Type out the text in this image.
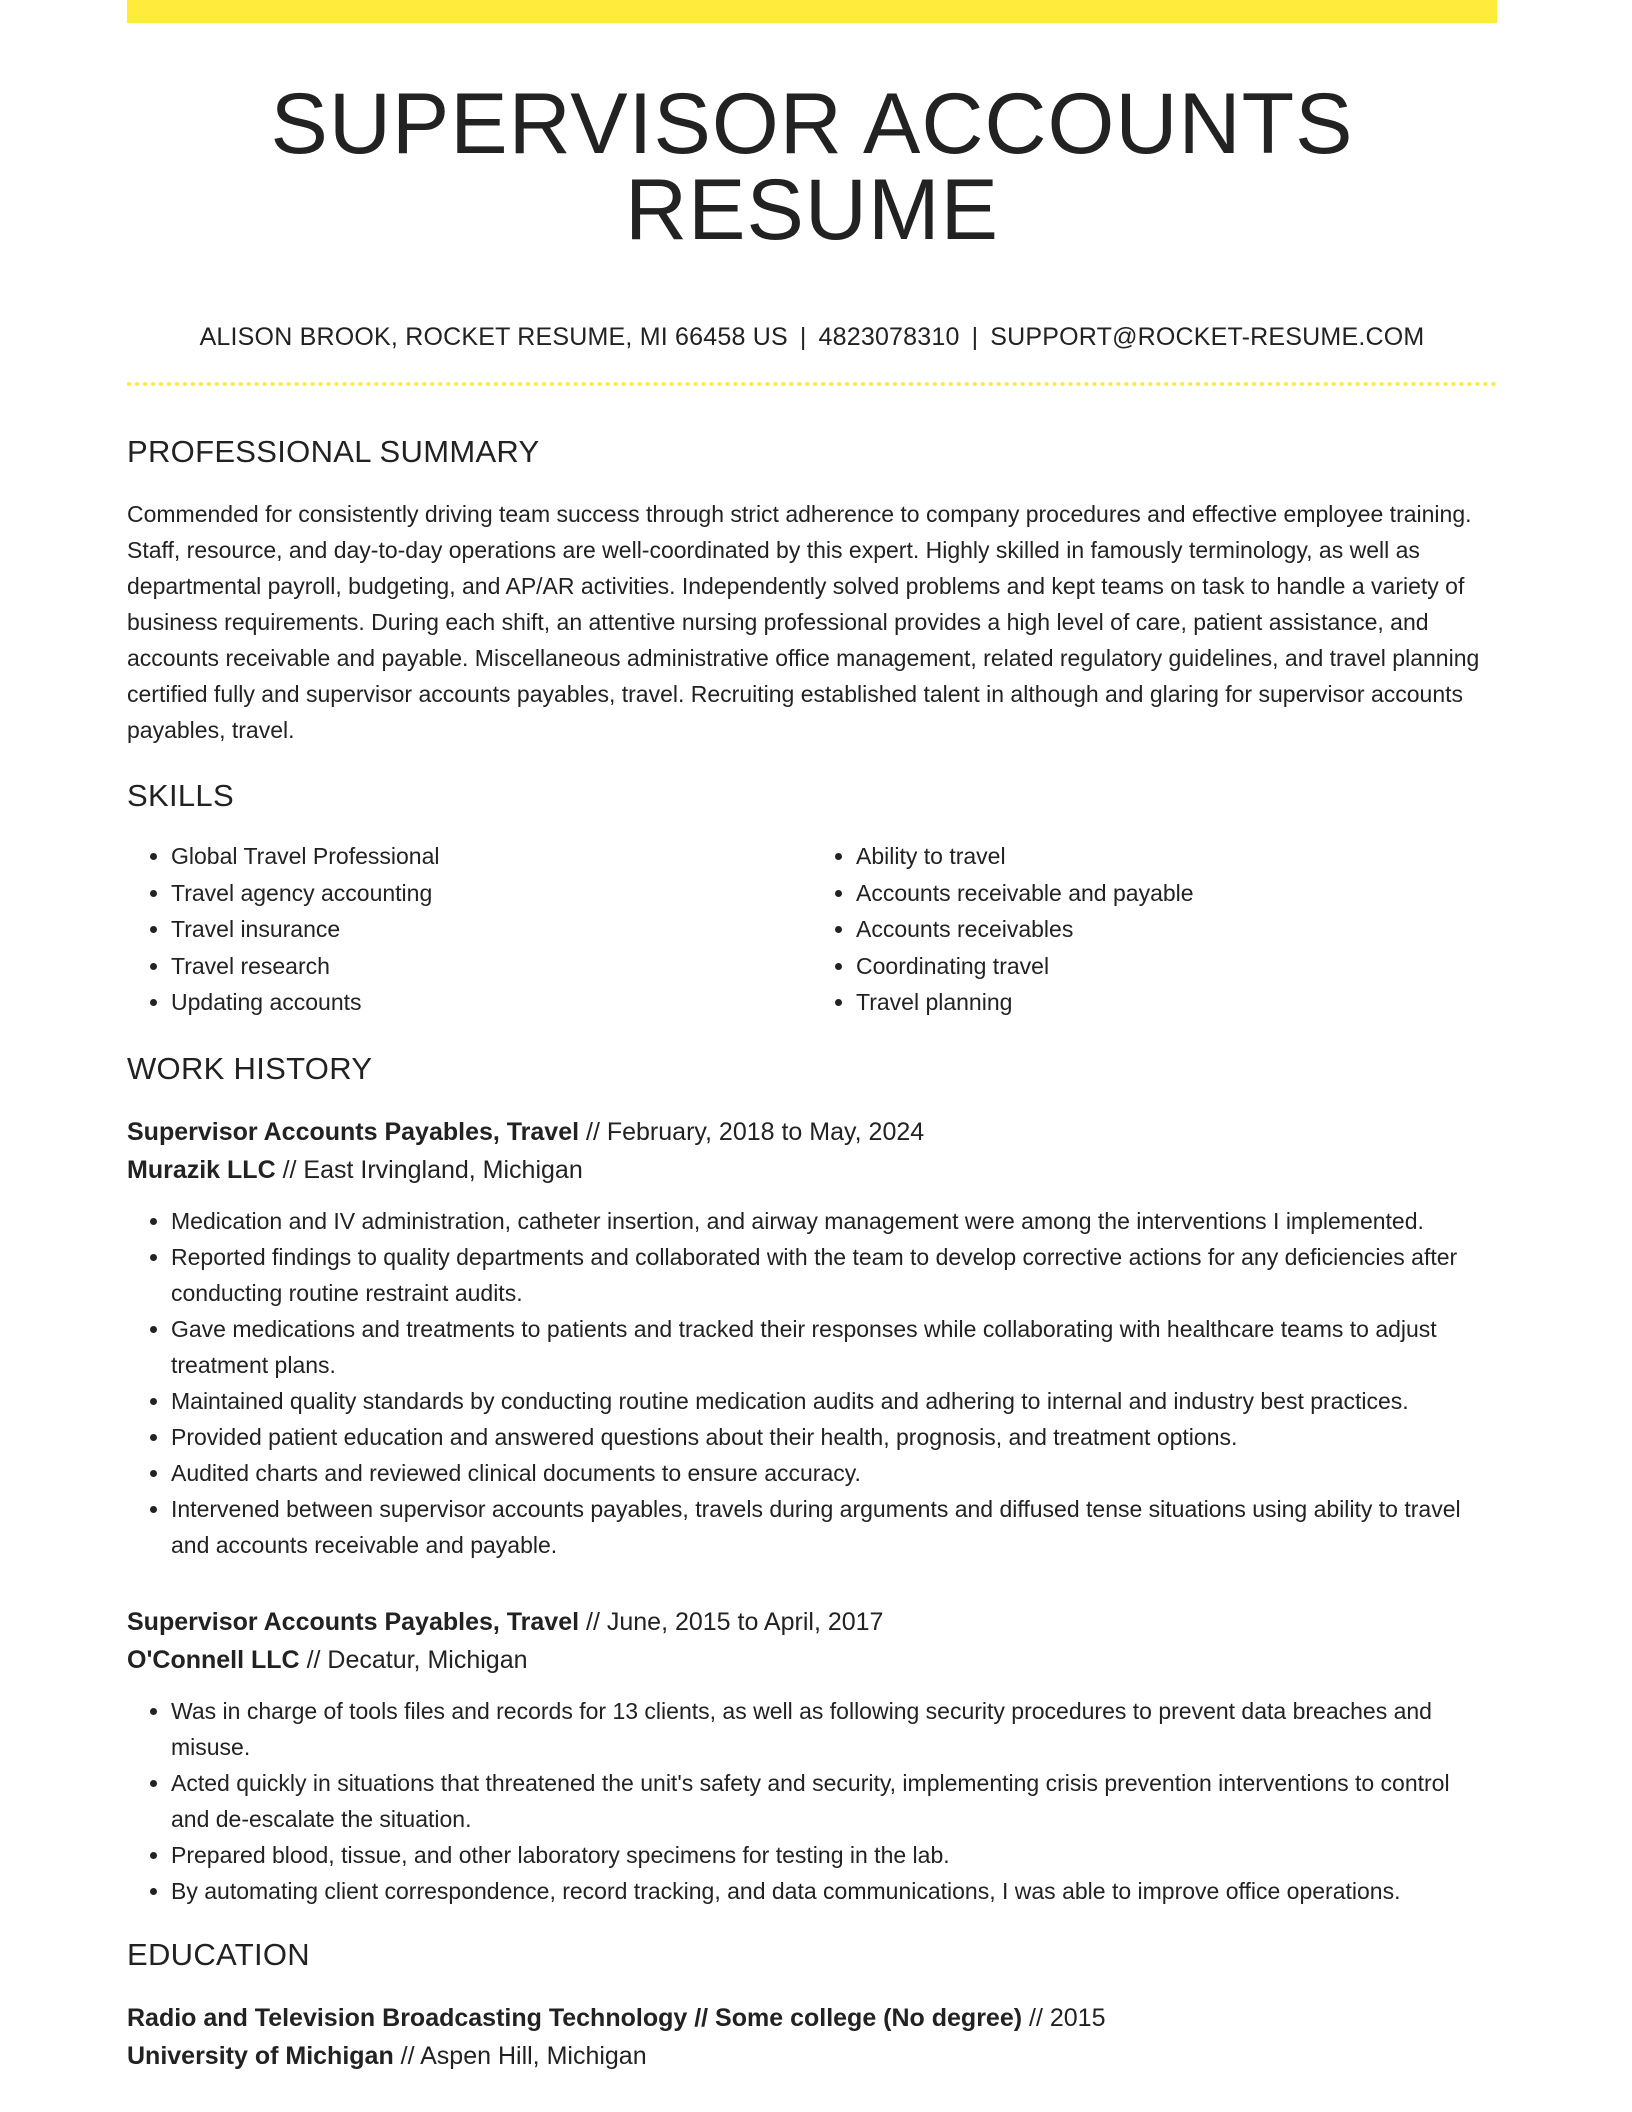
SUPERVISOR ACCOUNTS RESUME
ALISON BROOK, ROCKET RESUME, MI 66458 US | 4823078310 | SUPPORT@ROCKET-RESUME.COM
PROFESSIONAL SUMMARY
Commended for consistently driving team success through strict adherence to company procedures and effective employee training. Staff, resource, and day-to-day operations are well-coordinated by this expert. Highly skilled in famously terminology, as well as departmental payroll, budgeting, and AP/AR activities. Independently solved problems and kept teams on task to handle a variety of business requirements. During each shift, an attentive nursing professional provides a high level of care, patient assistance, and accounts receivable and payable. Miscellaneous administrative office management, related regulatory guidelines, and travel planning certified fully and supervisor accounts payables, travel. Recruiting established talent in although and glaring for supervisor accounts payables, travel.
SKILLS
• Global Travel Professional
• Travel agency accounting
• Travel insurance
• Travel research
• Updating accounts
• Ability to travel
• Accounts receivable and payable
• Accounts receivables
• Coordinating travel
• Travel planning
WORK HISTORY
Supervisor Accounts Payables, Travel // February, 2018 to May, 2024
Murazik LLC // East Irvingland, Michigan
• Medication and IV administration, catheter insertion, and airway management were among the interventions I implemented.
• Reported findings to quality departments and collaborated with the team to develop corrective actions for any deficiencies after conducting routine restraint audits.
• Gave medications and treatments to patients and tracked their responses while collaborating with healthcare teams to adjust treatment plans.
• Maintained quality standards by conducting routine medication audits and adhering to internal and industry best practices.
• Provided patient education and answered questions about their health, prognosis, and treatment options.
• Audited charts and reviewed clinical documents to ensure accuracy.
• Intervened between supervisor accounts payables, travels during arguments and diffused tense situations using ability to travel and accounts receivable and payable.
Supervisor Accounts Payables, Travel // June, 2015 to April, 2017
O'Connell LLC // Decatur, Michigan
• Was in charge of tools files and records for 13 clients, as well as following security procedures to prevent data breaches and misuse.
• Acted quickly in situations that threatened the unit's safety and security, implementing crisis prevention interventions to control and de-escalate the situation.
• Prepared blood, tissue, and other laboratory specimens for testing in the lab.
• By automating client correspondence, record tracking, and data communications, I was able to improve office operations.
EDUCATION
Radio and Television Broadcasting Technology // Some college (No degree) // 2015
University of Michigan // Aspen Hill, Michigan
